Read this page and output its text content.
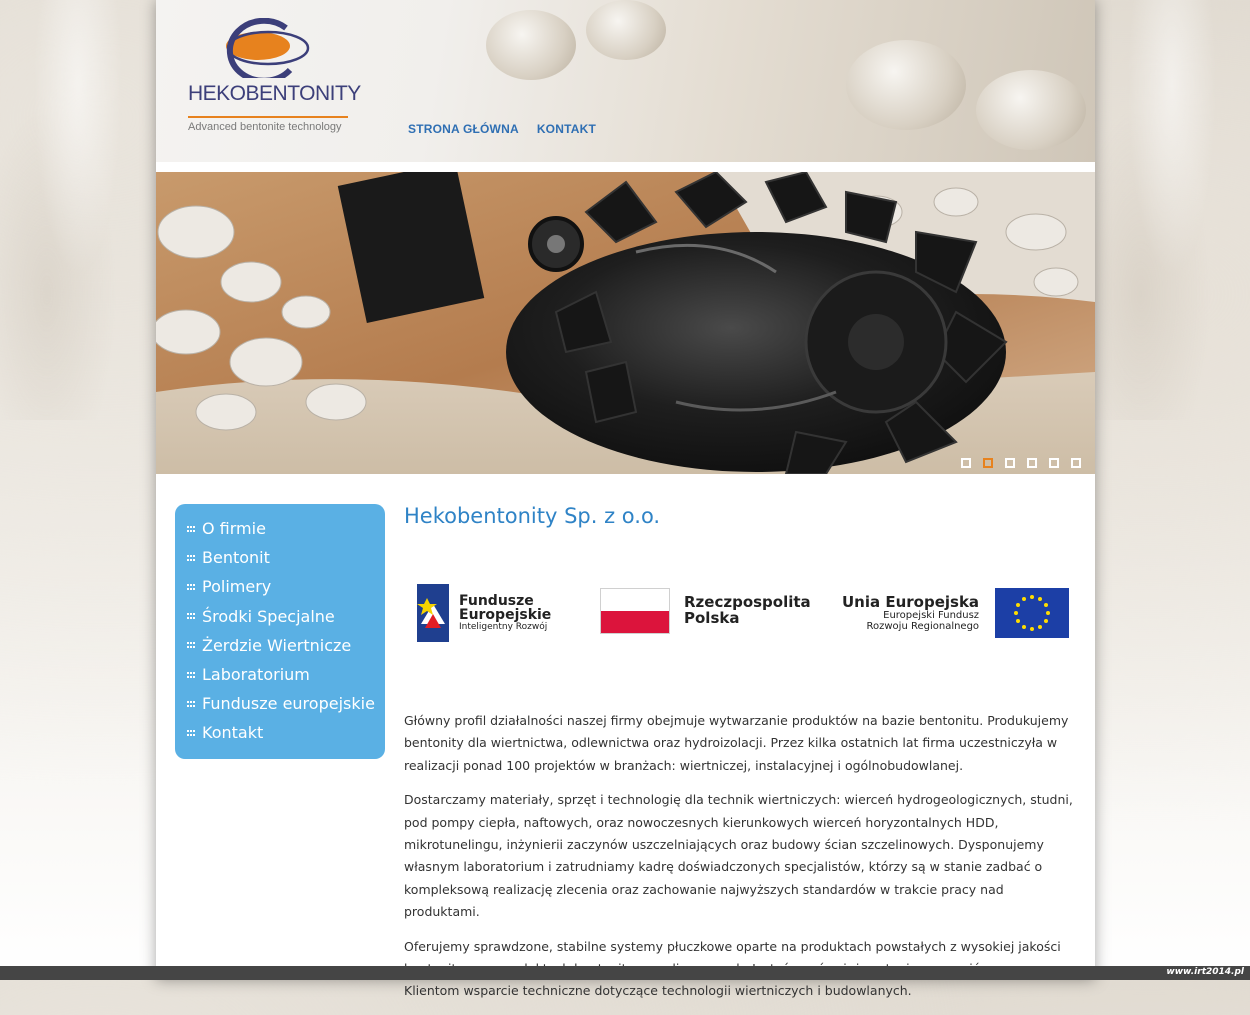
HEKOBENTONITY
Advanced bentonite technology	STRONA GŁÓWNA KONTAKT
O firmie
Bentonit
Polimery
Środki Specjalne
Żerdzie Wiertnicze
Laboratorium
Fundusze europejskie
Kontakt
Hekobentonity Sp. z o.o.
Fundusze
Europejskie
Inteligentny Rozwój
Rzeczpospolita
Polska
Unia Europejska
Europejski Fundusz
Rozwoju Regionalnego

Główny profil działalności naszej firmy obejmuje wytwarzanie produktów na bazie bentonitu. Produkujemy bentonity dla wiertnictwa, odlewnictwa oraz hydroizolacji. Przez kilka ostatnich lat firma uczestniczyła w realizacji ponad 100 projektów w branżach: wiertniczej, instalacyjnej i ogólnobudowlanej.

Dostarczamy materiały, sprzęt i technologię dla technik wiertniczych: wierceń hydrogeologicznych, studni, pod pompy ciepła, naftowych, oraz nowoczesnych kierunkowych wierceń horyzontalnych HDD, mikrotunelingu, inżynierii zaczynów uszczelniających oraz budowy ścian szczelinowych. Dysponujemy własnym laboratorium i zatrudniamy kadrę doświadczonych specjalistów, którzy są w stanie zadbać o kompleksową realizację zlecenia oraz zachowanie najwyższych standardów w trakcie pracy nad produktami.

Oferujemy sprawdzone, stabilne systemy płuczkowe oparte na produktach powstałych z wysokiej jakości Klientom wsparcie techniczne dotyczące technologii wiertniczych i budowlanych.

www.irt2014.pl
